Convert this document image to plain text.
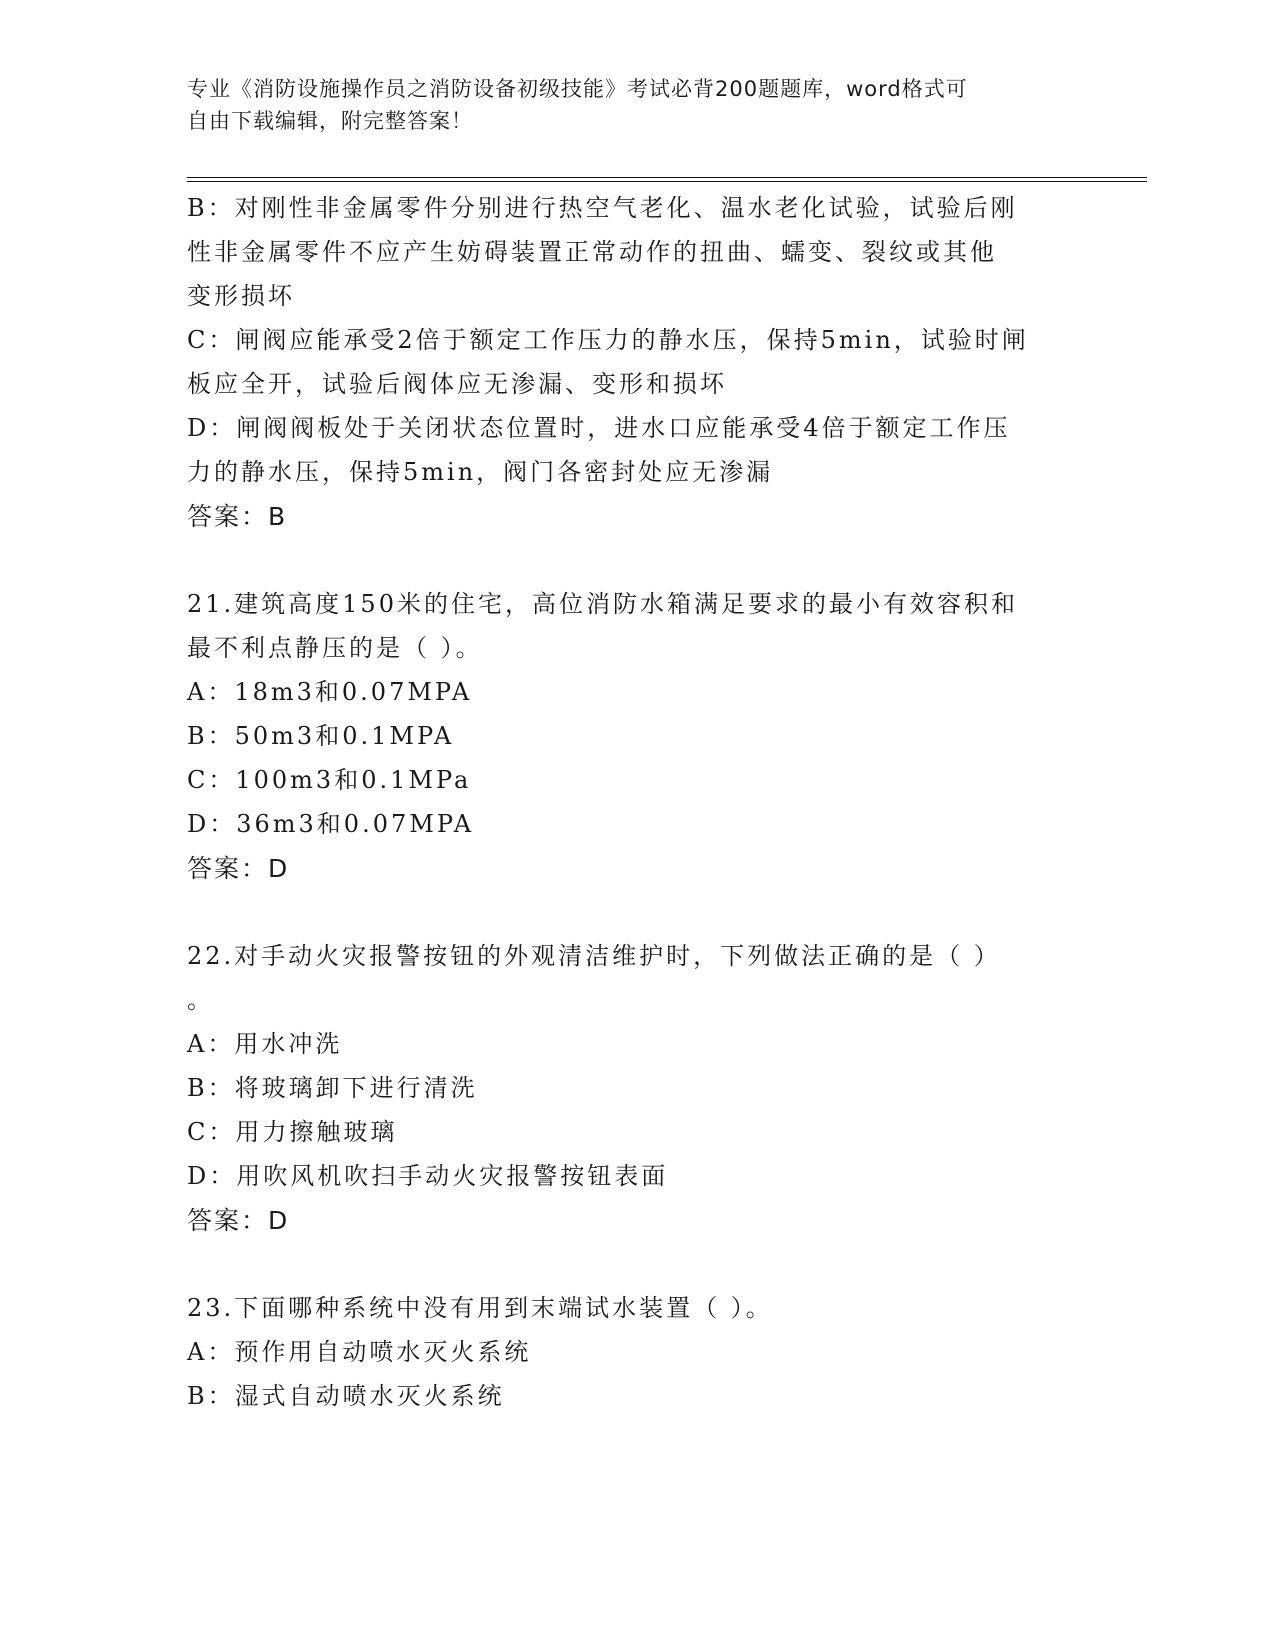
专业《消防设施操作员之消防设备初级技能》考试必背200题题库，word格式可
自由下载编辑，附完整答案！
B：对刚性非金属零件分别进行热空气老化、温水老化试验，试验后刚
性非金属零件不应产生妨碍装置正常动作的扭曲、蠕变、裂纹或其他
变形损坏
C：闸阀应能承受2倍于额定工作压力的静水压，保持5min，试验时闸
板应全开，试验后阀体应无渗漏、变形和损坏
D：闸阀阀板处于关闭状态位置时，进水口应能承受4倍于额定工作压
力的静水压，保持5min，阀门各密封处应无渗漏
答案：B
21.建筑高度150米的住宅，高位消防水箱满足要求的最小有效容积和
最不利点静压的是（ ）。
A：18m3和0.07MPA
B：50m3和0.1MPA
C：100m3和0.1MPa
D：36m3和0.07MPA
答案：D
22.对手动火灾报警按钮的外观清洁维护时，下列做法正确的是（ ）
。
A：用水冲洗
B：将玻璃卸下进行清洗
C：用力擦触玻璃
D：用吹风机吹扫手动火灾报警按钮表面
答案：D
23.下面哪种系统中没有用到末端试水装置（ ）。
A：预作用自动喷水灭火系统
B：湿式自动喷水灭火系统
